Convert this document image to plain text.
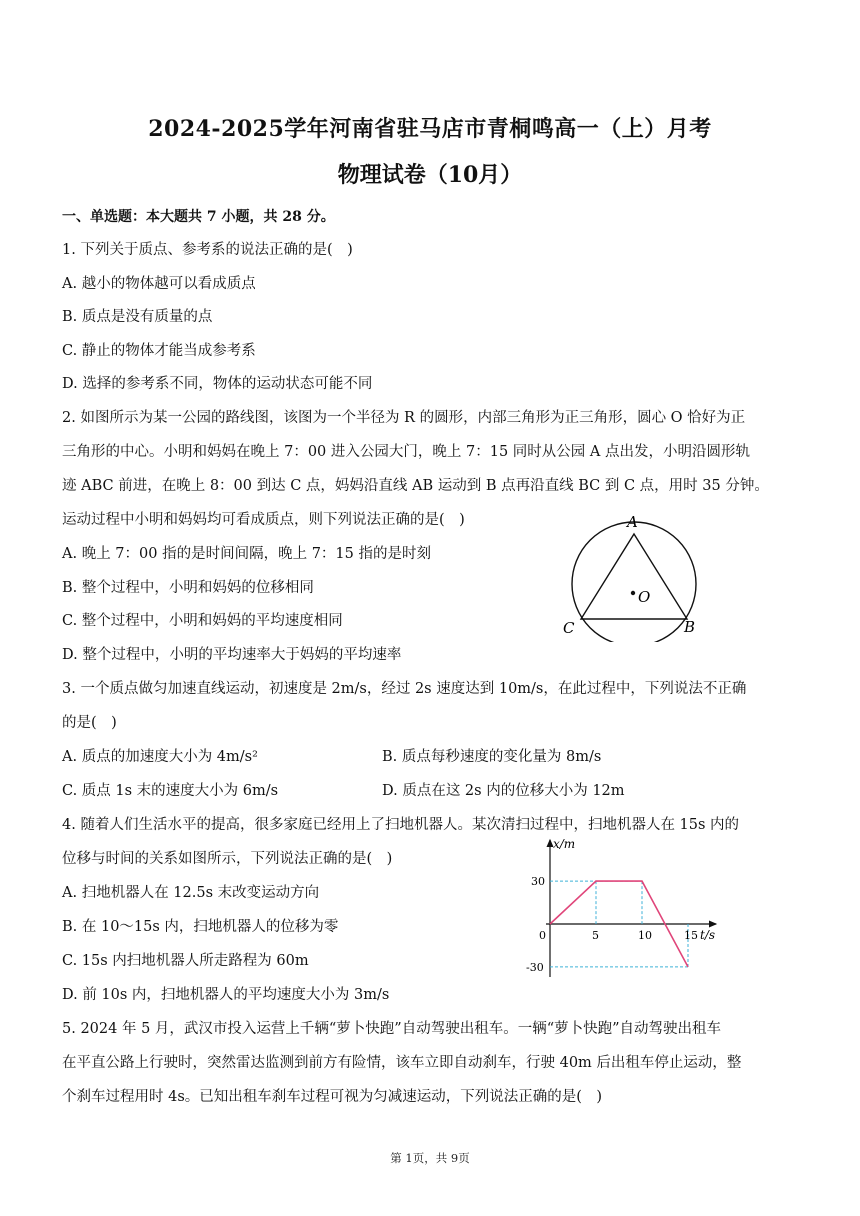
2024-2025学年河南省驻马店市青桐鸣高一（上）月考
物理试卷（10月）
一、单选题：本大题共 7 小题，共 28 分。
1. 下列关于质点、参考系的说法正确的是(　)
A. 越小的物体越可以看成质点
B. 质点是没有质量的点
C. 静止的物体才能当成参考系
D. 选择的参考系不同，物体的运动状态可能不同
2. 如图所示为某一公园的路线图，该图为一个半径为 R 的圆形，内部三角形为正三角形，圆心 O 恰好为正
三角形的中心。小明和妈妈在晚上 7：00 进入公园大门，晚上 7：15 同时从公园 A 点出发，小明沿圆形轨
迹 ABC 前进，在晚上 8：00 到达 C 点，妈妈沿直线 AB 运动到 B 点再沿直线 BC 到 C 点，用时 35 分钟。
运动过程中小明和妈妈均可看成质点，则下列说法正确的是(　)
A. 晚上 7：00 指的是时间间隔，晚上 7：15 指的是时刻
B. 整个过程中，小明和妈妈的位移相同
C. 整个过程中，小明和妈妈的平均速度相同
D. 整个过程中，小明的平均速率大于妈妈的平均速率
A
O
C	B
3. 一个质点做匀加速直线运动，初速度是 2m/s，经过 2s 速度达到 10m/s，在此过程中，下列说法不正确
的是(　)
A. 质点的加速度大小为 4m/s²	B. 质点每秒速度的变化量为 8m/s
C. 质点 1s 末的速度大小为 6m/s	D. 质点在这 2s 内的位移大小为 12m
4. 随着人们生活水平的提高，很多家庭已经用上了扫地机器人。某次清扫过程中，扫地机器人在 15s 内的
位移与时间的关系如图所示，下列说法正确的是(　)
A. 扫地机器人在 12.5s 末改变运动方向
B. 在 10～15s 内，扫地机器人的位移为零
C. 15s 内扫地机器人所走路程为 60m
D. 前 10s 内，扫地机器人的平均速度大小为 3m/s
0	5	10	15
30
-30
x/m
t/s
5. 2024 年 5 月，武汉市投入运营上千辆“萝卜快跑”自动驾驶出租车。一辆“萝卜快跑”自动驾驶出租车
在平直公路上行驶时，突然雷达监测到前方有险情，该车立即自动刹车，行驶 40m 后出租车停止运动，整
个刹车过程用时 4s。已知出租车刹车过程可视为匀减速运动，下列说法正确的是(　)
第 1页，共 9页
